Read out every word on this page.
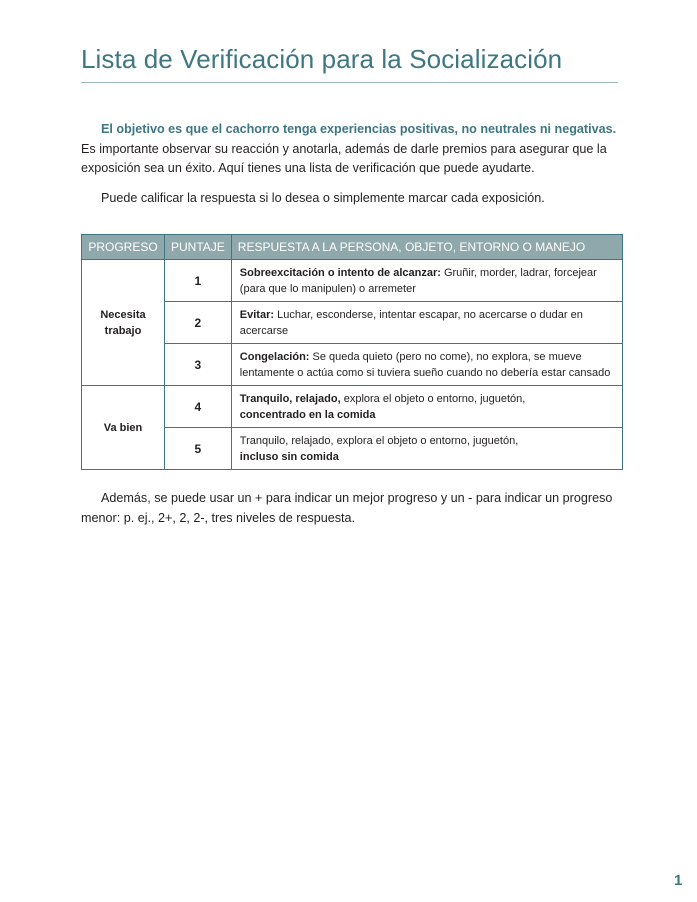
Lista de Verificación para la Socialización
El objetivo es que el cachorro tenga experiencias positivas, no neutrales ni negativas. Es importante observar su reacción y anotarla, además de darle premios para asegurar que la exposición sea un éxito. Aquí tienes una lista de verificación que puede ayudarte.
Puede calificar la respuesta si lo desea o simplemente marcar cada exposición.
PROGRESO	PUNTAJE	RESPUESTA A LA PERSONA, OBJETO, ENTORNO O MANEJO
Necesita trabajo	1	Sobreexcitación o intento de alcanzar: Gruñir, morder, ladrar, forcejear (para que lo manipulen) o arremeter
	2	Evitar: Luchar, esconderse, intentar escapar, no acercarse o dudar en acercarse
	3	Congelación: Se queda quieto (pero no come), no explora, se mueve lentamente o actúa como si tuviera sueño cuando no debería estar cansado
Va bien	4	Tranquilo, relajado, explora el objeto o entorno, juguetón,
concentrado en la comida
	5	Tranquilo, relajado, explora el objeto o entorno, juguetón,
incluso sin comida
Además, se puede usar un + para indicar un mejor progreso y un - para indicar un progreso
menor: p. ej., 2+, 2, 2-, tres niveles de respuesta.
1
